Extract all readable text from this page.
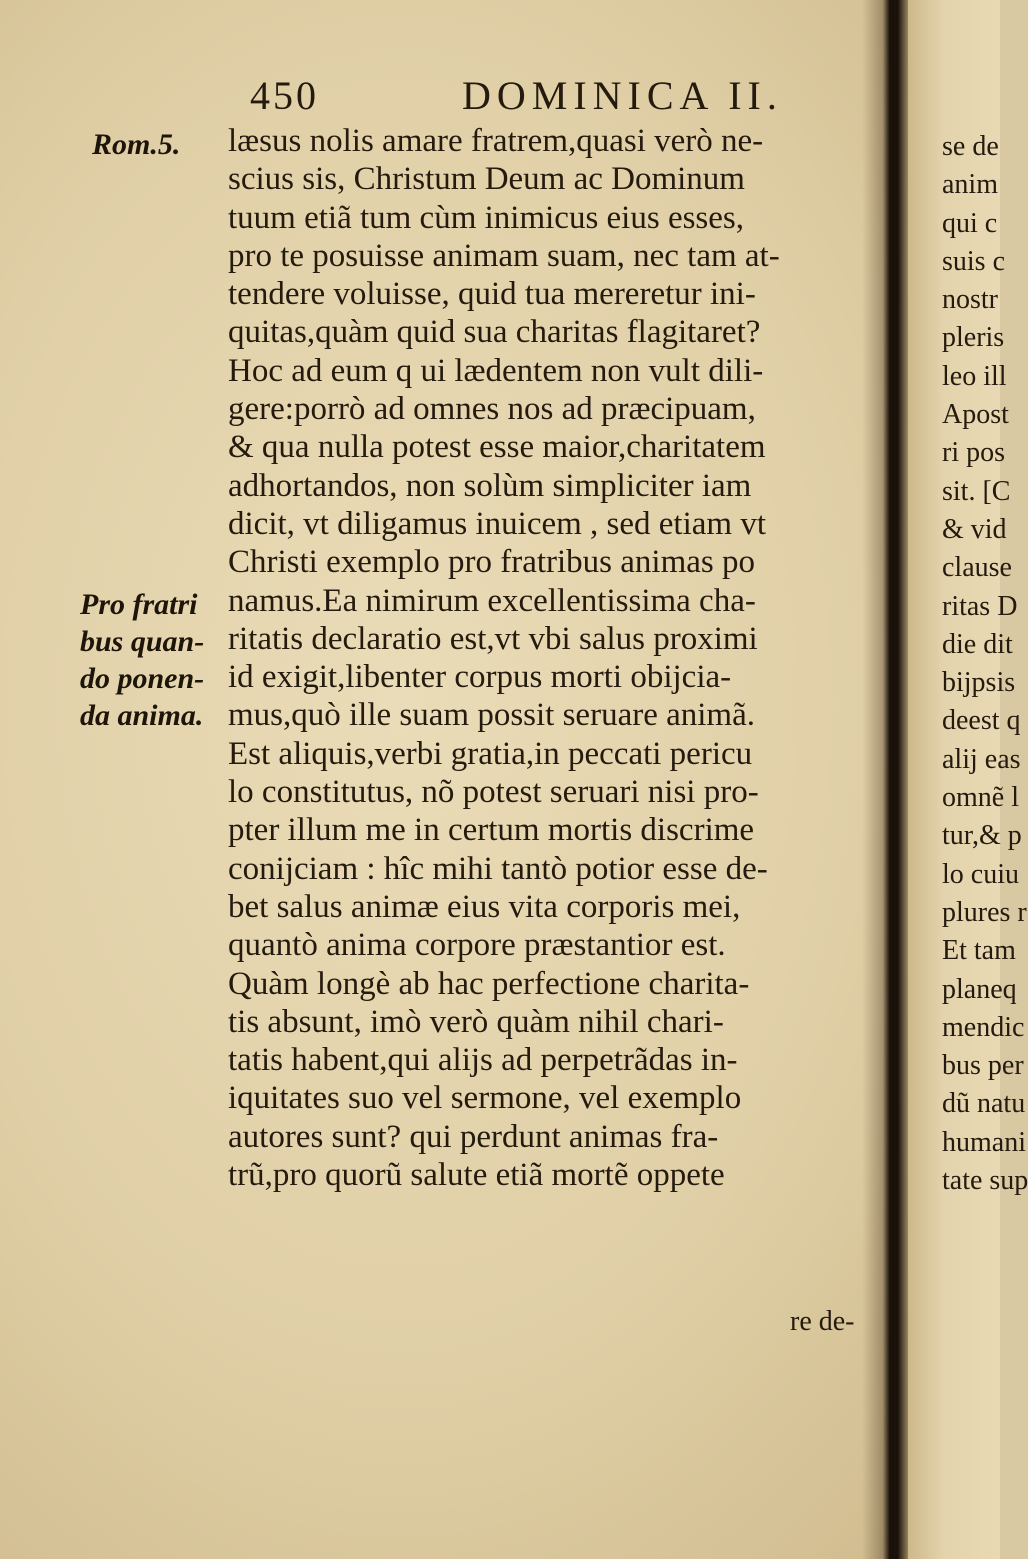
450	DOMINICA II.
Rom.5.
Pro fratri
bus quan-
do ponen-
da anima.
læsus nolis amare fratrem,quasi verò ne-
scius sis, Christum Deum ac Dominum
tuum etiã tum cùm inimicus eius esses,
pro te posuisse animam suam, nec tam at-
tendere voluisse, quid tua mereretur ini-
quitas,quàm quid sua charitas flagitaret?
Hoc ad eum q ui lædentem non vult dili-
gere:porrò ad omnes nos ad præcipuam,
& qua nulla potest esse maior,charitatem
adhortandos, non solùm simpliciter iam
dicit, vt diligamus inuicem , sed etiam vt
Christi exemplo pro fratribus animas po
namus.Ea nimirum excellentissima cha-
ritatis declaratio est,vt vbi salus proximi
id exigit,libenter corpus morti obijcia-
mus,quò ille suam possit seruare animã.
Est aliquis,verbi gratia,in peccati pericu
lo constitutus, nõ potest seruari nisi pro-
pter illum me in certum mortis discrime
conijciam : hîc mihi tantò potior esse de-
bet salus animæ eius vita corporis mei,
quantò anima corpore præstantior est.
Quàm longè ab hac perfectione charita-
tis absunt, imò verò quàm nihil chari-
tatis habent,qui alijs ad perpetrãdas in-
iquitates suo vel sermone, vel exemplo
autores sunt? qui perdunt animas fra-
trũ,pro quorũ salute etiã mortẽ oppete
re de-
se de
anim
qui c
suis c
nostr
pleris
leo ill
Apost
ri pos
sit. [C
& vid
clause
ritas D
die dit
bijpsis
deest q
alij eas
omnẽ l
tur,& p
lo cuiu
plures r
Et tam
planeq
mendic
bus per
dũ natu
humani
tate sup
